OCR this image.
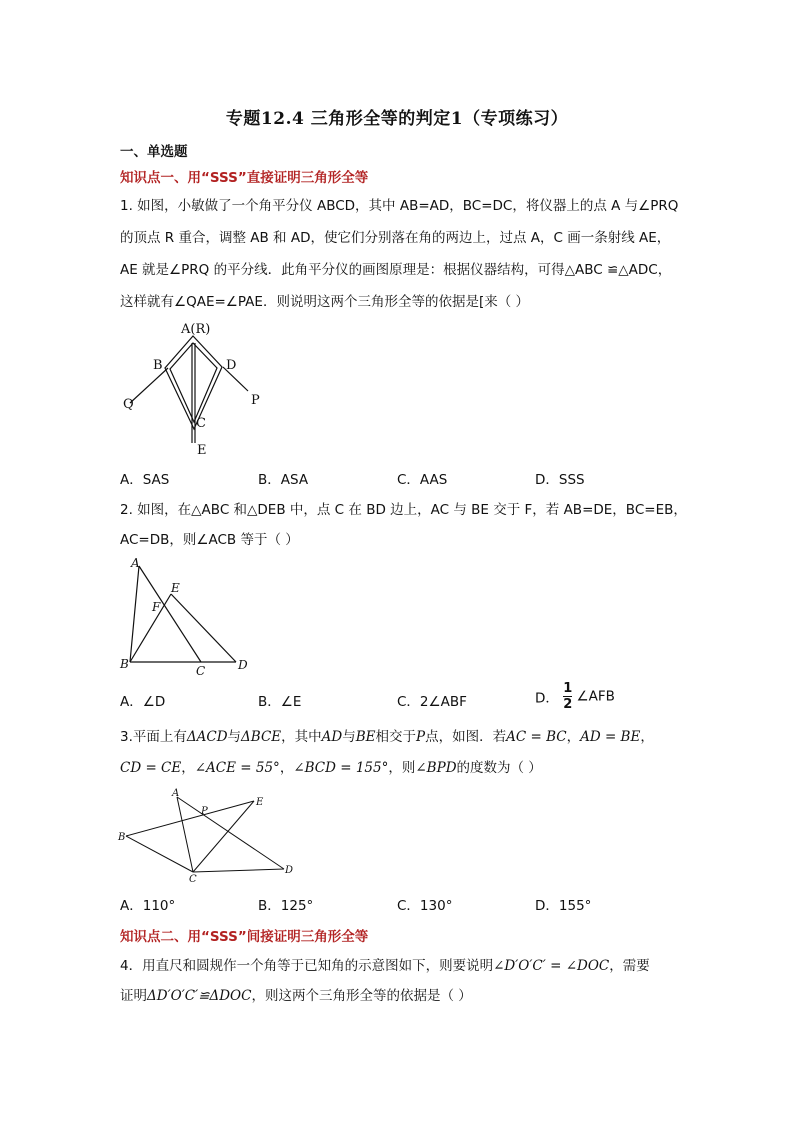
专题12.4 三角形全等的判定1（专项练习）
一、单选题
知识点一、用“SSS”直接证明三角形全等
1. 如图，小敏做了一个角平分仪 ABCD，其中 AB=AD，BC=DC，将仪器上的点 A 与∠PRQ
的顶点 R 重合，调整 AB 和 AD，使它们分别落在角的两边上，过点 A，C 画一条射线 AE，
AE 就是∠PRQ 的平分线．此角平分仪的画图原理是：根据仪器结构，可得△ABC ≌△ADC，
这样就有∠QAE=∠PAE．则说明这两个三角形全等的依据是[来（ ）
A(R)
B
C
D
E
P
Q
A．SAS	B．ASA	C．AAS	D．SSS
2. 如图，在△ABC 和△DEB 中，点 C 在 BD 边上，AC 与 BE 交于 F，若 AB=DE，BC=EB，
AC=DB，则∠ACB 等于（ ）
A
B	C	D
E
F
A．∠D	B．∠E	C．2∠ABF	D． $\frac{1}{2}$ ∠AFB
3.平面上有ΔACD与ΔBCE，其中AD与BE相交于P点，如图．若AC = BC，AD = BE，
CD = CE，∠ACE = 55°，∠BCD = 155°，则∠BPD的度数为（ ）
A
B
C
D
E
P
A．110°	B．125°	C．130°	D．155°
知识点二、用“SSS”间接证明三角形全等
4．用直尺和圆规作一个角等于已知角的示意图如下，则要说明∠D′O′C′ = ∠DOC，需要
证明ΔD′O′C′≌ΔDOC，则这两个三角形全等的依据是（ ）
